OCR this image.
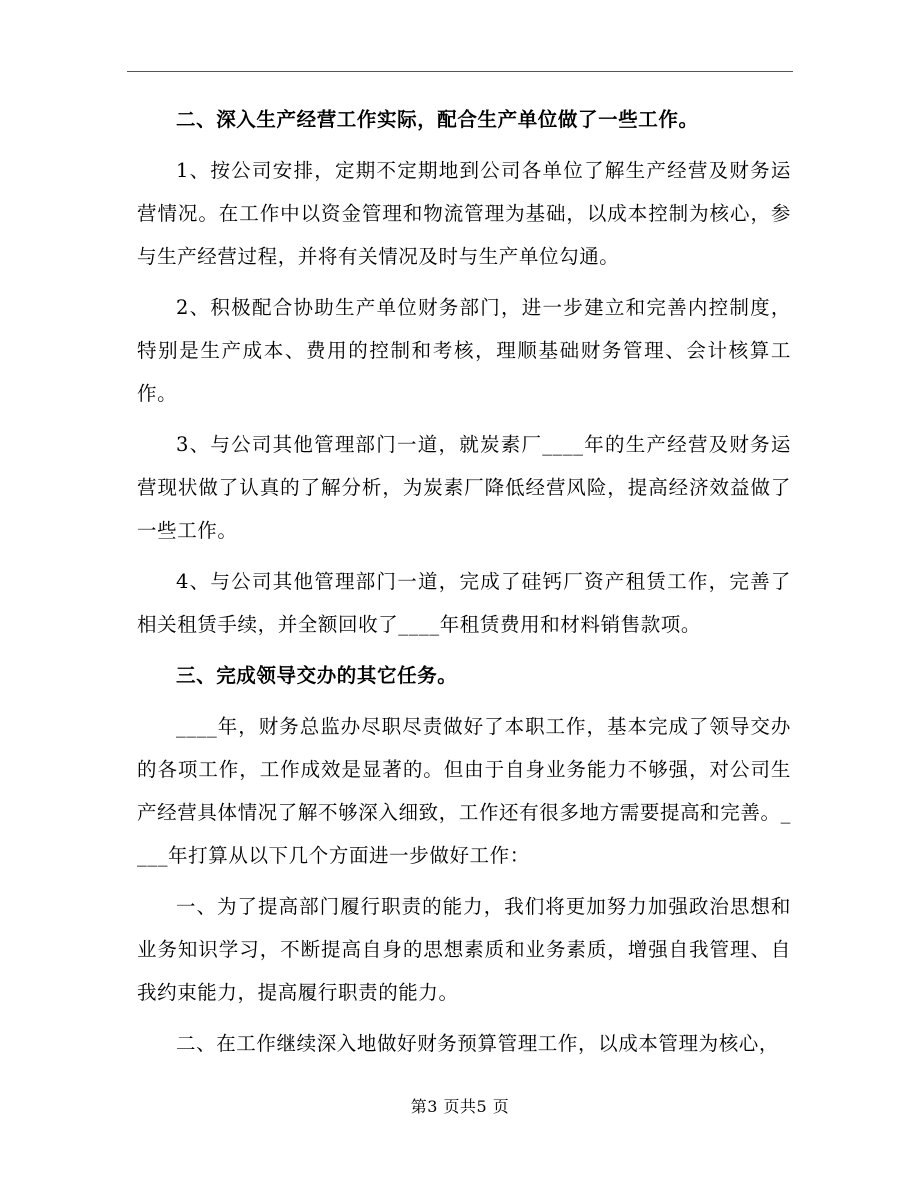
二、深入生产经营工作实际，配合生产单位做了一些工作。

1、按公司安排，定期不定期地到公司各单位了解生产经营及财务运营情况。在工作中以资金管理和物流管理为基础，以成本控制为核心，参与生产经营过程，并将有关情况及时与生产单位勾通。

2、积极配合协助生产单位财务部门，进一步建立和完善内控制度，特别是生产成本、费用的控制和考核，理顺基础财务管理、会计核算工作。

3、与公司其他管理部门一道，就炭素厂____年的生产经营及财务运营现状做了认真的了解分析，为炭素厂降低经营风险，提高经济效益做了一些工作。

4、与公司其他管理部门一道，完成了硅钙厂资产租赁工作，完善了相关租赁手续，并全额回收了____年租赁费用和材料销售款项。

三、完成领导交办的其它任务。

____年，财务总监办尽职尽责做好了本职工作，基本完成了领导交办的各项工作，工作成效是显著的。但由于自身业务能力不够强，对公司生产经营具体情况了解不够深入细致，工作还有很多地方需要提高和完善。____年打算从以下几个方面进一步做好工作：

一、为了提高部门履行职责的能力，我们将更加努力加强政治思想和业务知识学习，不断提高自身的思想素质和业务素质，增强自我管理、自我约束能力，提高履行职责的能力。

二、在工作继续深入地做好财务预算管理工作，以成本管理为核心，

第3 页共5 页
